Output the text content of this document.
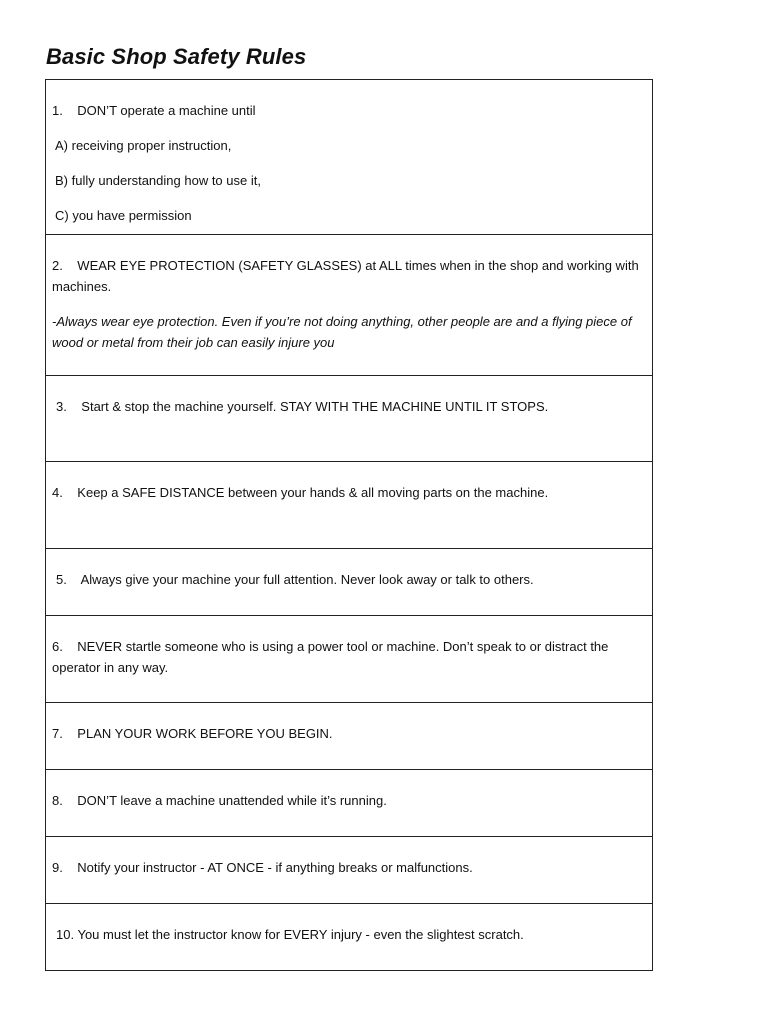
Basic Shop Safety Rules
1. DON’T operate a machine until
A) receiving proper instruction,
B) fully understanding how to use it,
C) you have permission

2. WEAR EYE PROTECTION (SAFETY GLASSES) at ALL times when in the shop and working with machines.

-Always wear eye protection. Even if you’re not doing anything, other people are and a flying piece of wood or metal from their job can easily injure you

3. Start & stop the machine yourself. STAY WITH THE MACHINE UNTIL IT STOPS.

4. Keep a SAFE DISTANCE between your hands & all moving parts on the machine.

5. Always give your machine your full attention. Never look away or talk to others.

6. NEVER startle someone who is using a power tool or machine. Don’t speak to or distract the operator in any way.

7. PLAN YOUR WORK BEFORE YOU BEGIN.

8. DON’T leave a machine unattended while it’s running.

9. Notify your instructor - AT ONCE - if anything breaks or malfunctions.

10. You must let the instructor know for EVERY injury - even the slightest scratch.
